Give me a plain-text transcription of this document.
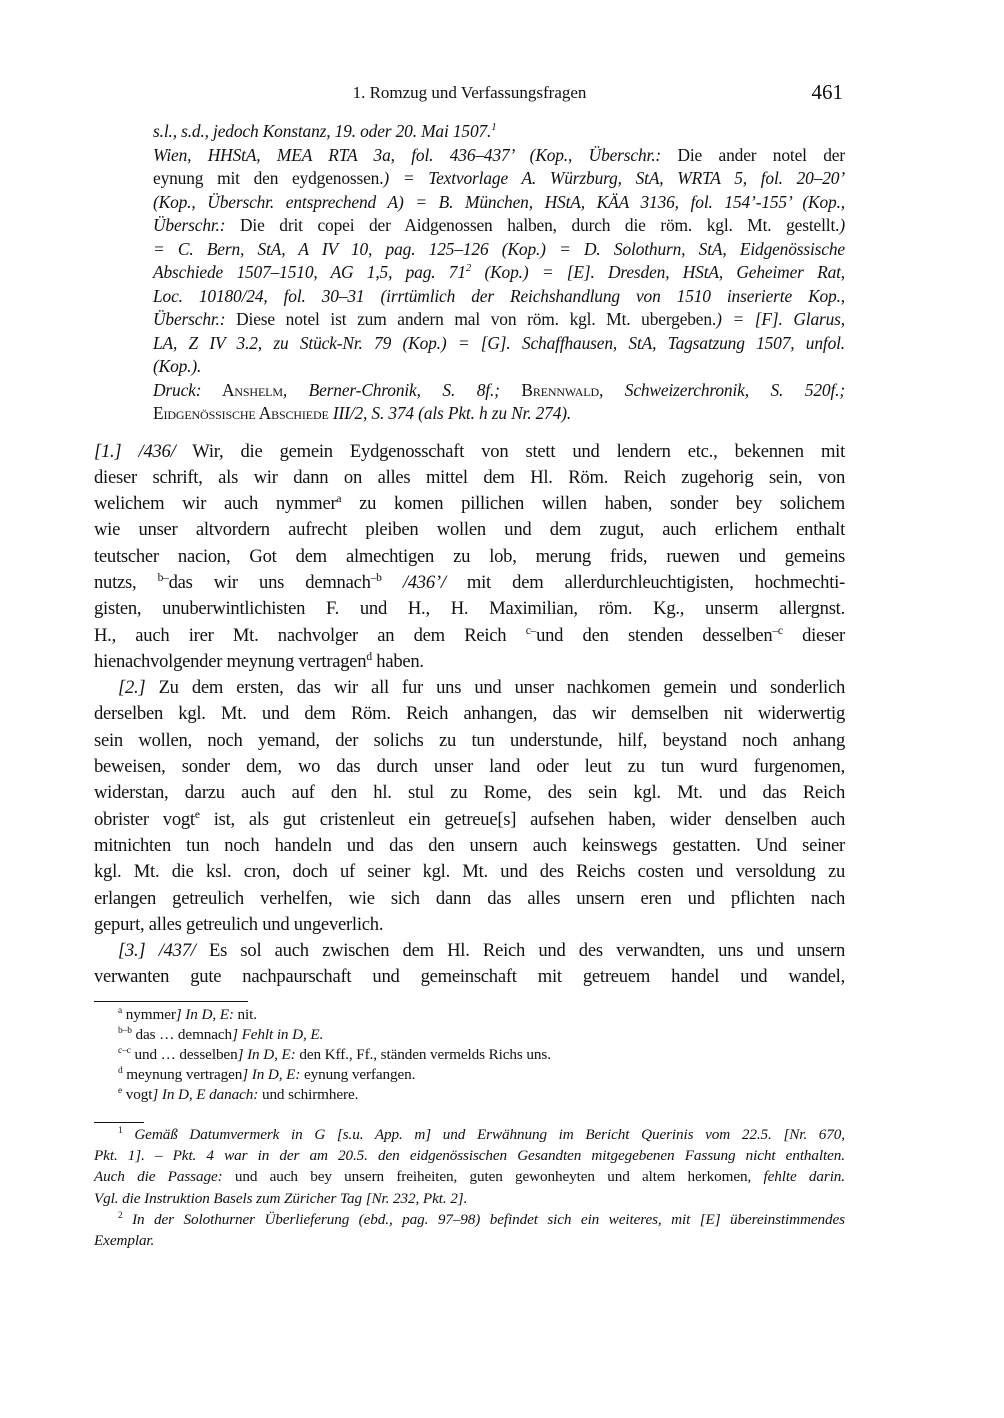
1. Romzug und Verfassungsfragen	461
s.l., s.d., jedoch Konstanz, 19. oder 20. Mai 1507.$^1$
Wien, HHStA, MEA RTA 3a, fol. 436–437’ (Kop., Überschr.: Die ander notel der
eynung mit den eydgenossen.) = Textvorlage A. Würzburg, StA, WRTA 5, fol. 20–20’
(Kop., Überschr. entsprechend A) = B. München, HStA, KÄA 3136, fol. 154’-155’ (Kop.,
Überschr.: Die drit copei der Aidgenossen halben, durch die röm. kgl. Mt. gestellt.)
= C. Bern, StA, A IV 10, pag. 125–126 (Kop.) = D. Solothurn, StA, Eidgenössische
Abschiede 1507–1510, AG 1,5, pag. $71^2$ (Kop.) = [E]. Dresden, HStA, Geheimer Rat,
Loc. 10180/24, fol. 30–31 (irrtümlich der Reichshandlung von 1510 inserierte Kop.,
Überschr.: Diese notel ist zum andern mal von röm. kgl. Mt. ubergeben.) = [F]. Glarus,
LA, Z IV 3.2, zu Stück-Nr. 79 (Kop.) = [G]. Schaffhausen, StA, Tagsatzung 1507, unfol.
(Kop.).
Druck: Anshelm, Berner-Chronik, S. 8f.; Brennwald, Schweizerchronik, S. 520f.;
Eidgenössische Abschiede III/2, S. 374 (als Pkt. h zu Nr. 274).
[1.] /436/ Wir, die gemein Eydgenosschaft von stett und lendern etc., bekennen mit
dieser schrift, als wir dann on alles mittel dem Hl. Röm. Reich zugehorig sein, von
welichem wir auch nymmer$^a$ zu komen pillichen willen haben, sonder bey solichem
wie unser altvordern aufrecht pleiben wollen und dem zugut, auch erlichem enthalt
teutscher nacion, Got dem almechtigen zu lob, merung frids, ruewen und gemeins
nutzs, $^{b-}$das wir uns demnach$^{-b}$ /436’/ mit dem allerdurchleuchtigisten, hochmechti-
gisten, unuberwintlichisten F. und H., H. Maximilian, röm. Kg., unserm allergnst.
H., auch irer Mt. nachvolger an dem Reich $^{c-}$und den stenden desselben$^{-c}$ dieser
hienachvolgender meynung vertragen$^d$ haben.
[2.] Zu dem ersten, das wir all fur uns und unser nachkomen gemein und sonderlich
derselben kgl. Mt. und dem Röm. Reich anhangen, das wir demselben nit widerwertig
sein wollen, noch yemand, der solichs zu tun understunde, hilf, beystand noch anhang
beweisen, sonder dem, wo das durch unser land oder leut zu tun wurd furgenomen,
widerstan, darzu auch auf den hl. stul zu Rome, des sein kgl. Mt. und das Reich
obrister vogt$^e$ ist, als gut cristenleut ein getreue[s] aufsehen haben, wider denselben auch
mitnichten tun noch handeln und das den unsern auch keinswegs gestatten. Und seiner
kgl. Mt. die ksl. cron, doch uf seiner kgl. Mt. und des Reichs costen und versoldung zu
erlangen getreulich verhelfen, wie sich dann das alles unsern eren und pflichten nach
gepurt, alles getreulich und ungeverlich.
[3.] /437/ Es sol auch zwischen dem Hl. Reich und des verwandten, uns und unsern
verwanten gute nachpaurschaft und gemeinschaft mit getreuem handel und wandel,
$^a$ nymmer] In D, E: nit.
$^{b-b}$ das … demnach] Fehlt in D, E.
$^{c-c}$ und … desselben] In D, E: den Kff., Ff., ständen vermelds Richs uns.
$^d$ meynung vertragen] In D, E: eynung verfangen.
$^e$ vogt] In D, E danach: und schirmhere.
$^1$ Gemäß Datumvermerk in G [s.u. App. m] und Erwähnung im Bericht Querinis vom 22.5. [Nr. 670,
Pkt. 1]. – Pkt. 4 war in der am 20.5. den eidgenössischen Gesandten mitgegebenen Fassung nicht enthalten.
Auch die Passage: und auch bey unsern freiheiten, guten gewonheyten und altem herkomen, fehlte darin.
Vgl. die Instruktion Basels zum Züricher Tag [Nr. 232, Pkt. 2].
$^2$ In der Solothurner Überlieferung (ebd., pag. 97–98) befindet sich ein weiteres, mit [E] übereinstimmendes
Exemplar.
